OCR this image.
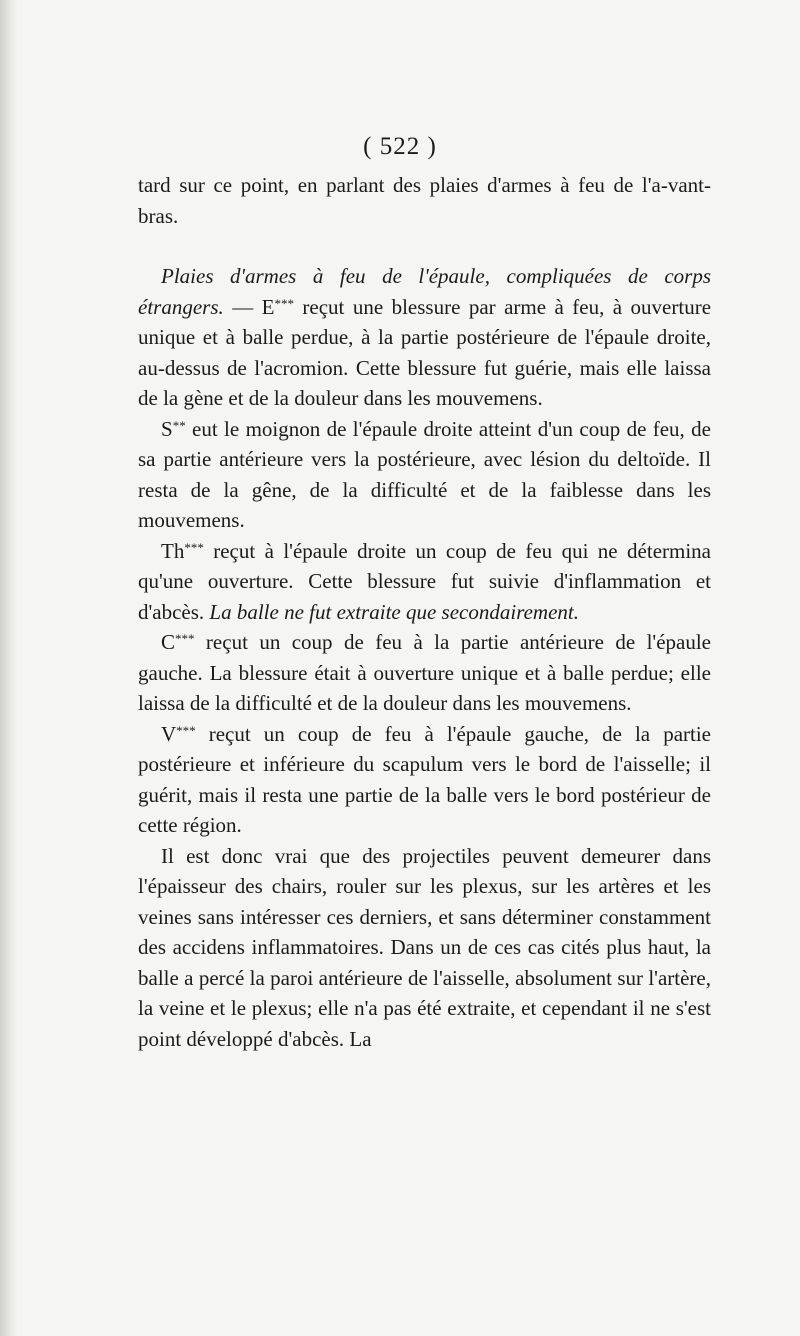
( 522 )

tard sur ce point, en parlant des plaies d'armes à feu de l'a-vant-bras.

Plaies d'armes à feu de l'épaule, compliquées de corps étrangers. — E*** reçut une blessure par arme à feu, à ouverture unique et à balle perdue, à la partie postérieure de l'épaule droite, au-dessus de l'acromion. Cette blessure fut guérie, mais elle laissa de la gène et de la douleur dans les mouvemens.

S** eut le moignon de l'épaule droite atteint d'un coup de feu, de sa partie antérieure vers la postérieure, avec lésion du deltoïde. Il resta de la gêne, de la difficulté et de la faiblesse dans les mouvemens.

Th*** reçut à l'épaule droite un coup de feu qui ne détermina qu'une ouverture. Cette blessure fut suivie d'inflammation et d'abcès. La balle ne fut extraite que secondairement.

C*** reçut un coup de feu à la partie antérieure de l'épaule gauche. La blessure était à ouverture unique et à balle perdue; elle laissa de la difficulté et de la douleur dans les mouvemens.

V*** reçut un coup de feu à l'épaule gauche, de la partie postérieure et inférieure du scapulum vers le bord de l'aisselle; il guérit, mais il resta une partie de la balle vers le bord postérieur de cette région.

Il est donc vrai que des projectiles peuvent demeurer dans l'épaisseur des chairs, rouler sur les plexus, sur les artères et les veines sans intéresser ces derniers, et sans déterminer constamment des accidens inflammatoires. Dans un de ces cas cités plus haut, la balle a percé la paroi antérieure de l'aisselle, absolument sur l'artère, la veine et le plexus; elle n'a pas été extraite, et cependant il ne s'est point développé d'abcès. La
